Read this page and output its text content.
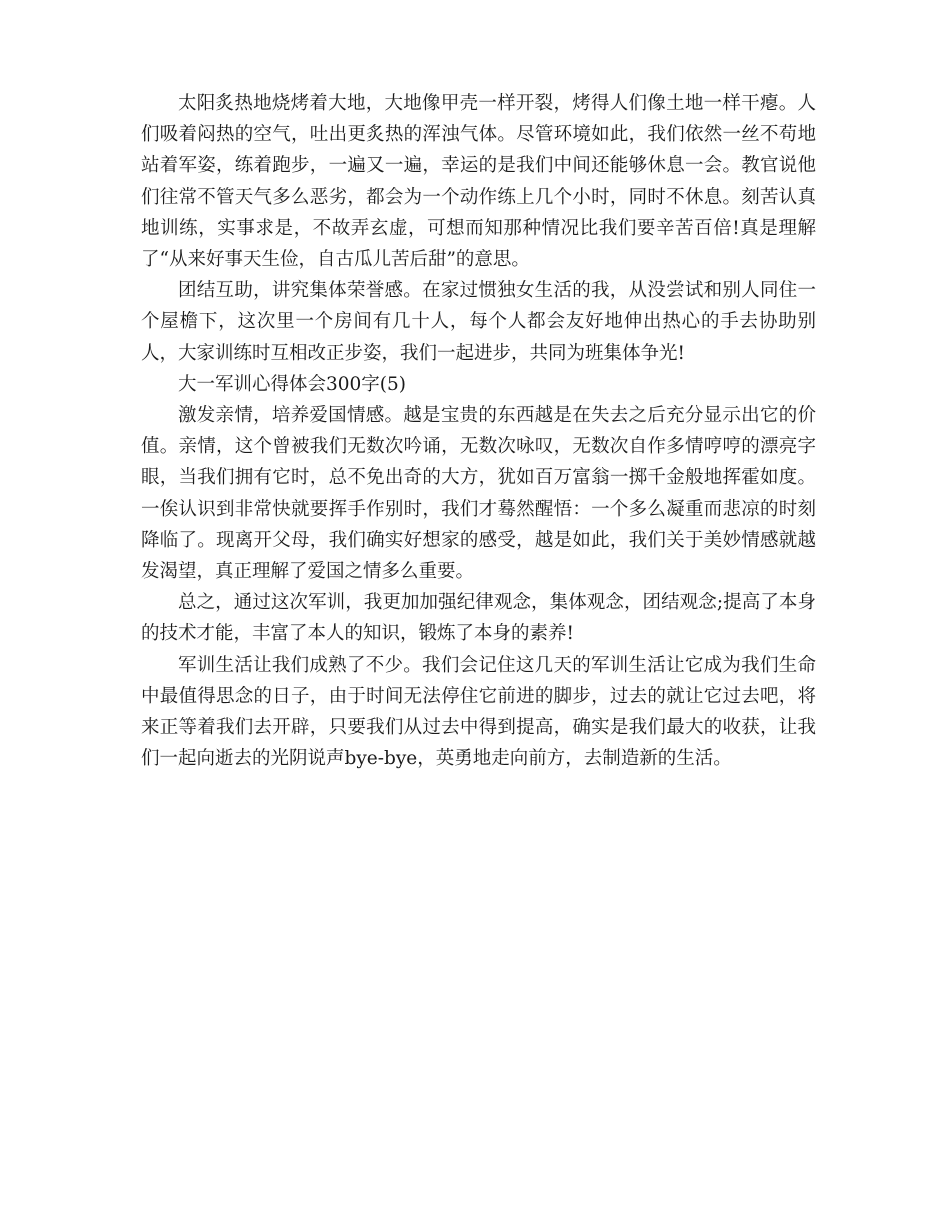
太阳炙热地烧烤着大地，大地像甲壳一样开裂，烤得人们像土地一样干瘪。人们吸着闷热的空气，吐出更炙热的浑浊气体。尽管环境如此，我们依然一丝不苟地站着军姿，练着跑步，一遍又一遍，幸运的是我们中间还能够休息一会。教官说他们往常不管天气多么恶劣，都会为一个动作练上几个小时，同时不休息。刻苦认真地训练，实事求是，不故弄玄虚，可想而知那种情况比我们要辛苦百倍!真是理解了“从来好事天生俭，自古瓜儿苦后甜”的意思。

团结互助，讲究集体荣誉感。在家过惯独女生活的我，从没尝试和别人同住一个屋檐下，这次里一个房间有几十人，每个人都会友好地伸出热心的手去协助别人，大家训练时互相改正步姿，我们一起进步，共同为班集体争光!

大一军训心得体会300字(5)

激发亲情，培养爱国情感。越是宝贵的东西越是在失去之后充分显示出它的价值。亲情，这个曾被我们无数次吟诵，无数次咏叹，无数次自作多情哼哼的漂亮字眼，当我们拥有它时，总不免出奇的大方，犹如百万富翁一掷千金般地挥霍如度。一俟认识到非常快就要挥手作别时，我们才蓦然醒悟：一个多么凝重而悲凉的时刻降临了。现离开父母，我们确实好想家的感受，越是如此，我们关于美妙情感就越发渴望，真正理解了爱国之情多么重要。

总之，通过这次军训，我更加加强纪律观念，集体观念，团结观念;提高了本身的技术才能，丰富了本人的知识，锻炼了本身的素养!

军训生活让我们成熟了不少。我们会记住这几天的军训生活让它成为我们生命中最值得思念的日子，由于时间无法停住它前进的脚步，过去的就让它过去吧，将来正等着我们去开辟，只要我们从过去中得到提高，确实是我们最大的收获，让我们一起向逝去的光阴说声bye-bye，英勇地走向前方，去制造新的生活。
